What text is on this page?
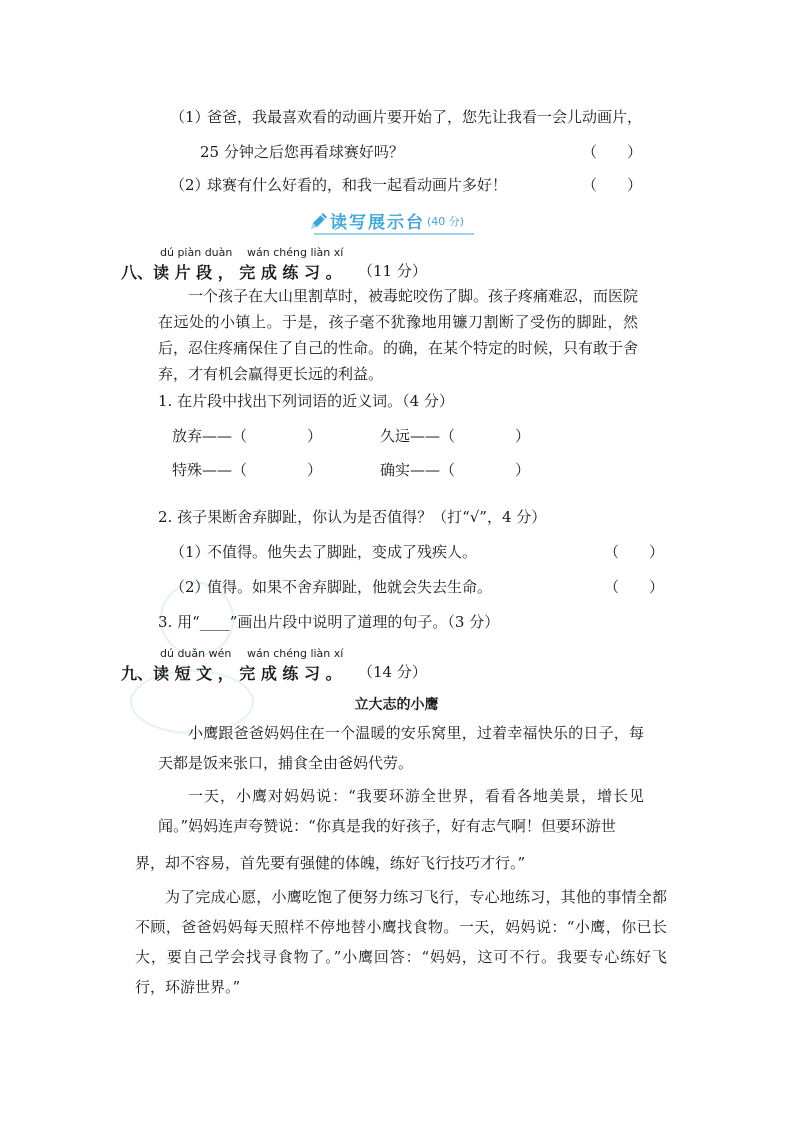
（1）
爸爸，我最喜欢看的动画片要开始了，您先让我看一会儿动画片，
25 分钟之后您再看球赛好吗？	（　　）
（2）
球赛有什么好看的，和我一起看动画片多好！	（　　）
读写展示台 (40 分)
dú piàn duàn wán chéng liàn xí
八、读 片 段 ， 完 成 练 习 。 （11 分）
一个孩子在大山里割草时，被毒蛇咬伤了脚。孩子疼痛难忍，而医院在远处的小镇上。于是，孩子毫不犹豫地用镰刀割断了受伤的脚趾，然后，忍住疼痛保住了自己的性命。的确，在某个特定的时候，只有敢于舍弃，才有机会赢得更长远的利益。
1. 在片段中找出下列词语的近义词。（4 分）
放弃——（　　　　）	久远——（　　　　）
特殊——（　　　　）	确实——（　　　　）
2. 孩子果断舍弃脚趾，你认为是否值得？（打“√”，4 分）
（1）
不值得。他失去了脚趾，变成了残疾人。	（　　）
（2）
值得。如果不舍弃脚趾，他就会失去生命。	（　　）
3. 用“____”画出片段中说明了道理的句子。（3 分）
dú duǎn wén wán chéng liàn xí
九、读 短 文 ， 完 成 练 习 。 （14 分）
立大志的小鹰
小鹰跟爸爸妈妈住在一个温暖的安乐窝里，过着幸福快乐的日子，每天都是饭来张口，捕食全由爸妈代劳。
一天，小鹰对妈妈说：“我要环游全世界，看看各地美景，增长见闻。”妈妈连声夸赞说：“你真是我的好孩子，好有志气啊！但要环游世
界，却不容易，首先要有强健的体魄，练好飞行技巧才行。”
为了完成心愿，小鹰吃饱了便努力练习飞行，专心地练习，其他的事情全都不顾，爸爸妈妈每天照样不停地替小鹰找食物。一天，妈妈说：“小鹰，你已长大，要自己学会找寻食物了。”小鹰回答：“妈妈，这可不行。我要专心练好飞行，环游世界。”
